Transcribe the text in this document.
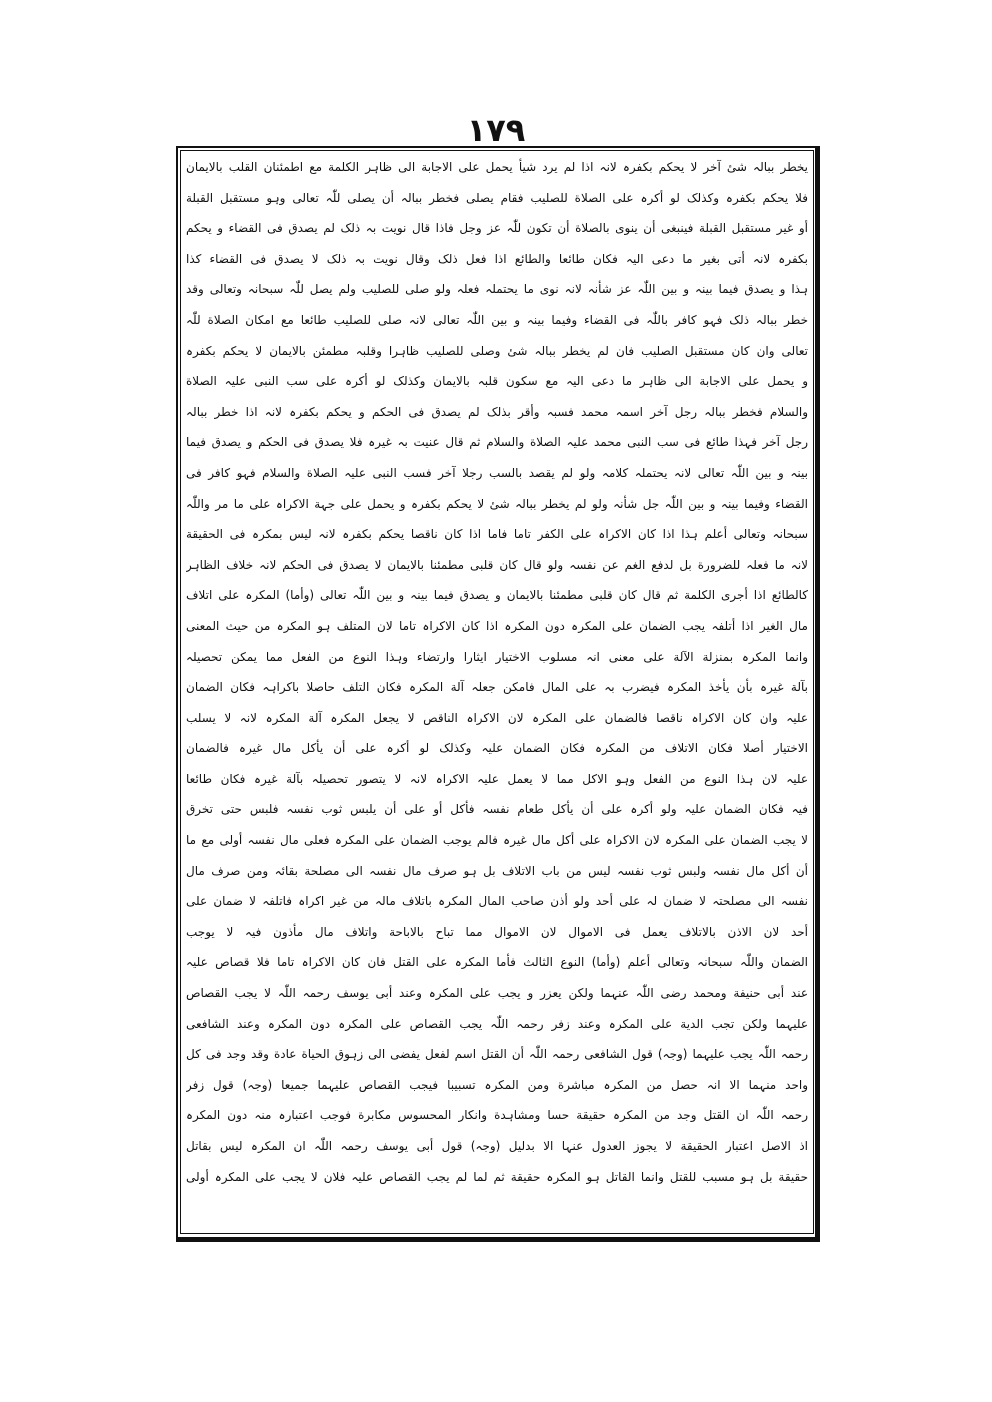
۱۷۹
یخطر ببالہ شیٔ آخر لا یحکم بکفرہ لانہ اذا لم یرد شیأ یحمل علی الاجابة الی ظاہر الکلمة مع اطمئنان القلب بالایمان
فلا یحکم بکفرہ وکذلک لو أکرہ علی الصلاة للصلیب فقام یصلی فخطر ببالہ أن یصلی للّٰہ تعالی وہو مستقبل القبلة
أو غیر مستقبل القبلة فینبغی أن ینوی بالصلاة أن تکون للّٰہ عز وجل فاذا قال نویت بہ ذلک لم یصدق فی القضاء و یحکم
بکفرہ لانہ أتی بغیر ما دعی الیہ فکان طائعا والطائع اذا فعل ذلک وقال نویت بہ ذلک لا یصدق فی القضاء کذا
ہذا و یصدق فیما بینہ و بین اللّٰہ عز شأنہ لانہ نوی ما یحتملہ فعلہ ولو صلی للصلیب ولم یصل للّٰہ سبحانہ وتعالی وقد
خطر ببالہ ذلک فہو کافر باللّٰہ فی القضاء وفیما بینہ و بین اللّٰہ تعالی لانہ صلی للصلیب طائعا مع امکان الصلاة للّٰہ
تعالی وان کان مستقبل الصلیب فان لم یخطر ببالہ شیٔ وصلی للصلیب ظاہرا وقلبہ مطمئن بالایمان لا یحکم بکفرہ
و یحمل علی الاجابة الی ظاہر ما دعی الیہ مع سکون قلبہ بالایمان وکذلک لو أکرہ علی سب النبی علیہ الصلاة
والسلام فخطر ببالہ رجل آخر اسمہ محمد فسبہ وأقر بذلک لم یصدق فی الحکم و یحکم بکفرہ لانہ اذا خطر ببالہ
رجل آخر فہذا طائع فی سب النبی محمد علیہ الصلاة والسلام ثم قال عنیت بہ غیرہ فلا یصدق فی الحکم و یصدق فیما
بینہ و بین اللّٰہ تعالی لانہ یحتملہ کلامہ ولو لم یقصد بالسب رجلا آخر فسب النبی علیہ الصلاة والسلام فہو کافر فی
القضاء وفیما بینہ و بین اللّٰہ جل شأنہ ولو لم یخطر ببالہ شیٔ لا یحکم بکفرہ و یحمل علی جہة الاکراہ علی ما مر واللّٰہ
سبحانہ وتعالی أعلم ہذا اذا کان الاکراہ علی الکفر تاما فاما اذا کان ناقصا یحکم بکفرہ لانہ لیس بمکرہ فی الحقیقة
لانہ ما فعلہ للضرورة بل لدفع الغم عن نفسہ ولو قال کان قلبی مطمئنا بالایمان لا یصدق فی الحکم لانہ خلاف الظاہر
کالطائع اذا أجری الکلمة ثم قال کان قلبی مطمئنا بالایمان و یصدق فیما بینہ و بین اللّٰہ تعالی (وأما) المکرہ علی اتلاف
مال الغیر اذا أتلفہ یجب الضمان علی المکرہ دون المکرہ اذا کان الاکراہ تاما لان المتلف ہو المکرہ من حیث المعنی
وانما المکرہ بمنزلة الآلة علی معنی انہ مسلوب الاختیار ایثارا وارتضاء وہذا النوع من الفعل مما یمکن تحصیلہ
بآلة غیرہ بأن یأخذ المکرہ فیضرب بہ علی المال فامکن جعلہ آلة المکرہ فکان التلف حاصلا باکراہہ فکان الضمان
علیہ وان کان الاکراہ ناقصا فالضمان علی المکرہ لان الاکراہ الناقص لا یجعل المکرہ آلة المکرہ لانہ لا یسلب
الاختیار أصلا فکان الاتلاف من المکرہ فکان الضمان علیہ وکذلک لو أکرہ علی أن یأکل مال غیرہ فالضمان
علیہ لان ہذا النوع من الفعل وہو الاکل مما لا یعمل علیہ الاکراہ لانہ لا یتصور تحصیلہ بآلة غیرہ فکان طائعا
فیہ فکان الضمان علیہ ولو أکرہ علی أن یأکل طعام نفسہ فأکل أو علی أن یلبس ثوب نفسہ فلبس حتی تخرق
لا یجب الضمان علی المکرہ لان الاکراہ علی أکل مال غیرہ فالم یوجب الضمان علی المکرہ فعلی مال نفسہ أولی مع ما
أن أکل مال نفسہ ولبس ثوب نفسہ لیس من باب الاتلاف بل ہو صرف مال نفسہ الی مصلحة بقائہ ومن صرف مال
نفسہ الی مصلحتہ لا ضمان لہ علی أحد ولو أذن صاحب المال المکرہ باتلاف مالہ من غیر اکراہ فاتلفہ لا ضمان علی
أحد لان الاذن بالاتلاف یعمل فی الاموال لان الاموال مما تباح بالاباحة واتلاف مال مأذون فیہ لا یوجب
الضمان واللّٰہ سبحانہ وتعالی أعلم (وأما) النوع الثالث فأما المکرہ علی القتل فان کان الاکراہ تاما فلا قصاص علیہ
عند أبی حنیفة ومحمد رضی اللّٰہ عنہما ولکن یعزر و یجب علی المکرہ وعند أبی یوسف رحمہ اللّٰہ لا یجب القصاص
علیہما ولکن تجب الدیة علی المکرہ وعند زفر رحمہ اللّٰہ یجب القصاص علی المکرہ دون المکرہ وعند الشافعی
رحمہ اللّٰہ یجب علیہما (وجہ) قول الشافعی رحمہ اللّٰہ أن القتل اسم لفعل یفضی الی زہوق الحیاة عادة وقد وجد فی کل
واحد منہما الا انہ حصل من المکرہ مباشرة ومن المکرہ تسبیبا فیجب القصاص علیہما جمیعا (وجہ) قول زفر
رحمہ اللّٰہ ان القتل وجد من المکرہ حقیقة حسا ومشاہدة وانکار المحسوس مکابرة فوجب اعتبارہ منہ دون المکرہ
اذ الاصل اعتبار الحقیقة لا یجوز العدول عنہا الا بدلیل (وجہ) قول أبی یوسف رحمہ اللّٰہ ان المکرہ لیس بقاتل
حقیقة بل ہو مسبب للقتل وانما القاتل ہو المکرہ حقیقة ثم لما لم یجب القصاص علیہ فلان لا یجب علی المکرہ أولی
